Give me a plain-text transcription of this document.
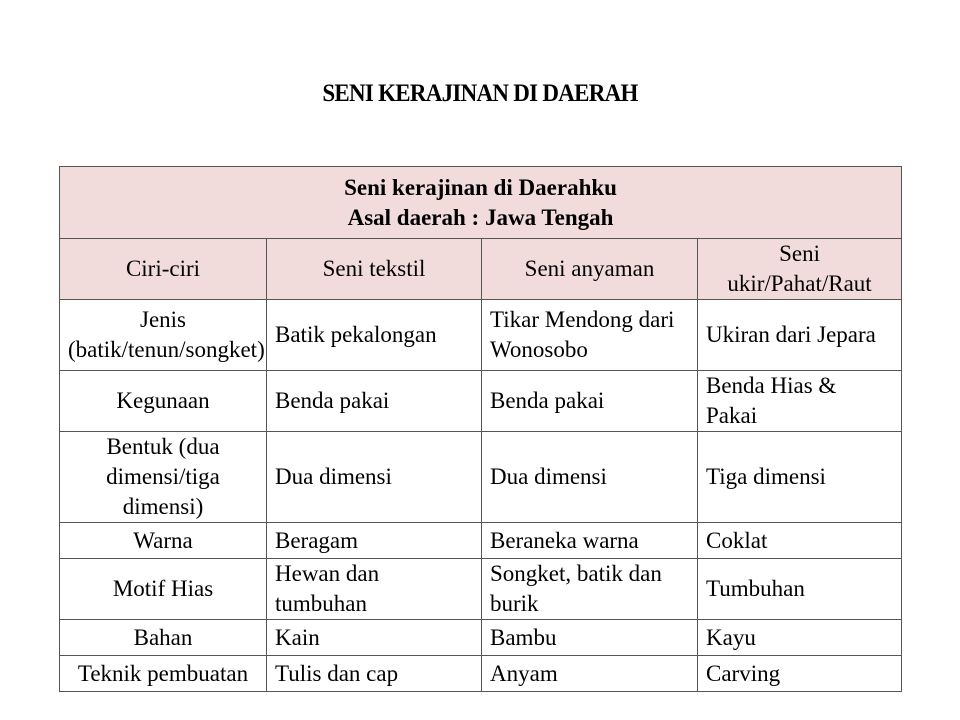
SENI KERAJINAN DI DAERAH
Seni kerajinan di Daerahku
Asal daerah : Jawa Tengah			

Ciri-ciri	Seni tekstil	Seni anyaman	Seni ukir/Pahat/Raut

Jenis
(batik/tenun/songket)	Batik pekalongan	Tikar Mendong dari Wonosobo	Ukiran dari Jepara
Kegunaan	Benda pakai	Benda pakai	Benda Hias & Pakai

Bentuk (dua
dimensi/tiga dimensi)	Dua dimensi	Dua dimensi	Tiga dimensi
Warna	Beragam	Beraneka warna	Coklat
Motif Hias	Hewan dan tumbuhan	Songket, batik dan burik	Tumbuhan
Bahan	Kain	Bambu	Kayu
Teknik pembuatan	Tulis dan cap	Anyam	Carving
